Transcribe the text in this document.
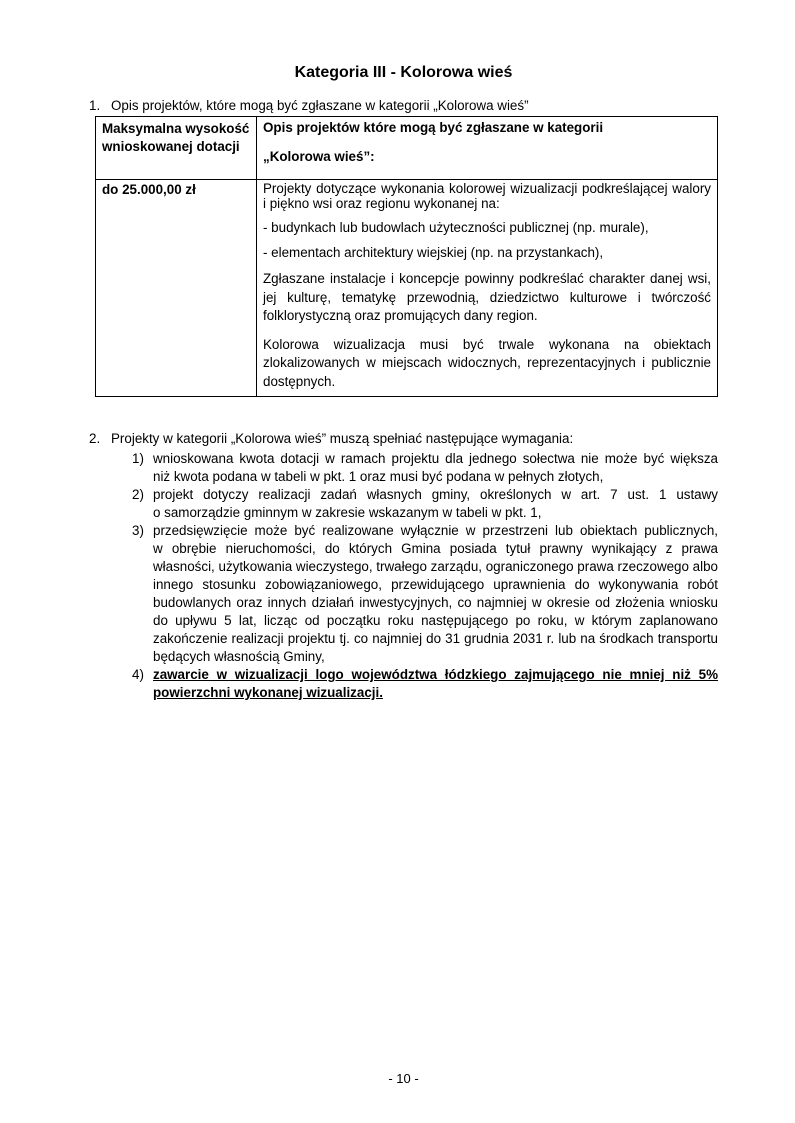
Kategoria III - Kolorowa wieś
1. Opis projektów, które mogą być zgłaszane w kategorii „Kolorowa wieś”
Maksymalna wysokość wnioskowanej dotacji	Opis projektów które mogą być zgłaszane w kategorii

„Kolorowa wieś”:

do 25.000,00 zł	Projekty dotyczące wykonania kolorowej wizualizacji podkreślającej walory i piękno wsi oraz regionu wykonanej na:

- budynkach lub budowlach użyteczności publicznej (np. murale),

- elementach architektury wiejskiej (np. na przystankach),

Zgłaszane instalacje i koncepcje powinny podkreślać charakter danej wsi, jej kulturę, tematykę przewodnią, dziedzictwo kulturowe i twórczość folklorystyczną oraz promujących dany region.

Kolorowa wizualizacja musi być trwale wykonana na obiektach zlokalizowanych w miejscach widocznych, reprezentacyjnych i publicznie dostępnych.

2. Projekty w kategorii „Kolorowa wieś” muszą spełniać następujące wymagania:
1) wnioskowana kwota dotacji w ramach projektu dla jednego sołectwa nie może być większa niż kwota podana w tabeli w pkt. 1 oraz musi być podana w pełnych złotych,
2) projekt dotyczy realizacji zadań własnych gminy, określonych w art. 7 ust. 1 ustawy o samorządzie gminnym w zakresie wskazanym w tabeli w pkt. 1,
3) przedsięwzięcie może być realizowane wyłącznie w przestrzeni lub obiektach publicznych, w obrębie nieruchomości, do których Gmina posiada tytuł prawny wynikający z prawa własności, użytkowania wieczystego, trwałego zarządu, ograniczonego prawa rzeczowego albo innego stosunku zobowiązaniowego, przewidującego uprawnienia do wykonywania robót budowlanych oraz innych działań inwestycyjnych, co najmniej w okresie od złożenia wniosku do upływu 5 lat, licząc od początku roku następującego po roku, w którym zaplanowano zakończenie realizacji projektu tj. co najmniej do 31 grudnia 2031 r. lub na środkach transportu będących własnością Gminy,
4) zawarcie w wizualizacji logo województwa łódzkiego zajmującego nie mniej niż 5% powierzchni wykonanej wizualizacji.
- 10 -
